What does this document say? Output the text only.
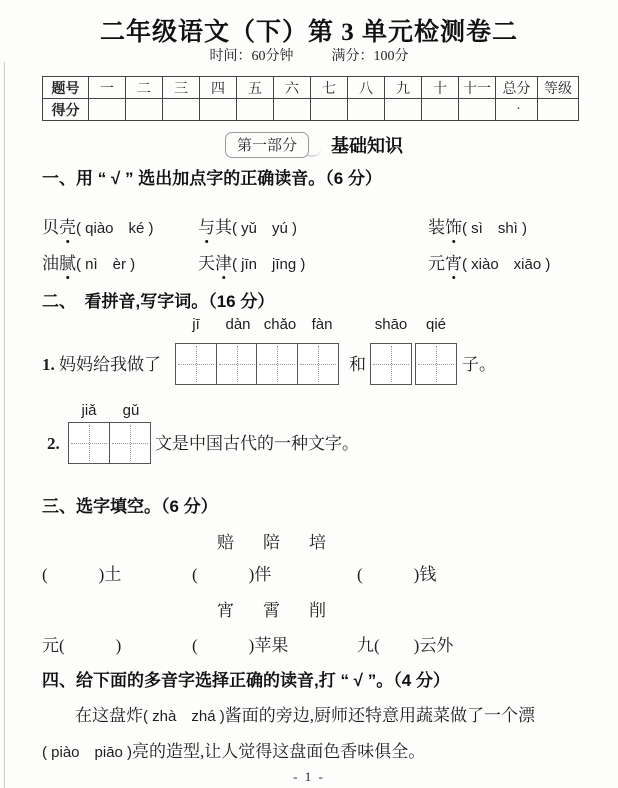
二年级语文（下）第 3 单元检测卷二
时间：60分钟	满分：100分
题号	一	二	三	四	五	六	七	八	九	十	十一	总分	等级
得分												·	
第一部分	基础知识
一、用 “ √ ” 选出加点字的正确读音。（6 分）
贝壳( qiào　ké )	与其( yǔ　yú )	装饰( sì　shì )
油腻( nì　èr )	天津( jīn　jīng )	元宵( xiào　xiāo )
二、　看拼音,写字词。（16 分）
jī dàn chǎo fàn	shāo qié
1. 妈妈给我做了	和	子。
jiǎ gǔ
2.	文是中国古代的一种文字。
三、选字填空。（6 分）
赔　陪　培
(　　　)土	(　　　)伴	(　　　)钱
宵　霄　削
元(　　　)	(　　　)苹果	九(　　)云外
四、给下面的多音字选择正确的读音,打 “ √ ”。（4 分）
在这盘炸( zhà　zhá )酱面的旁边,厨师还特意用蔬菜做了一个漂
( piào　piāo )亮的造型,让人觉得这盘面色香味俱全。
- 1 -
